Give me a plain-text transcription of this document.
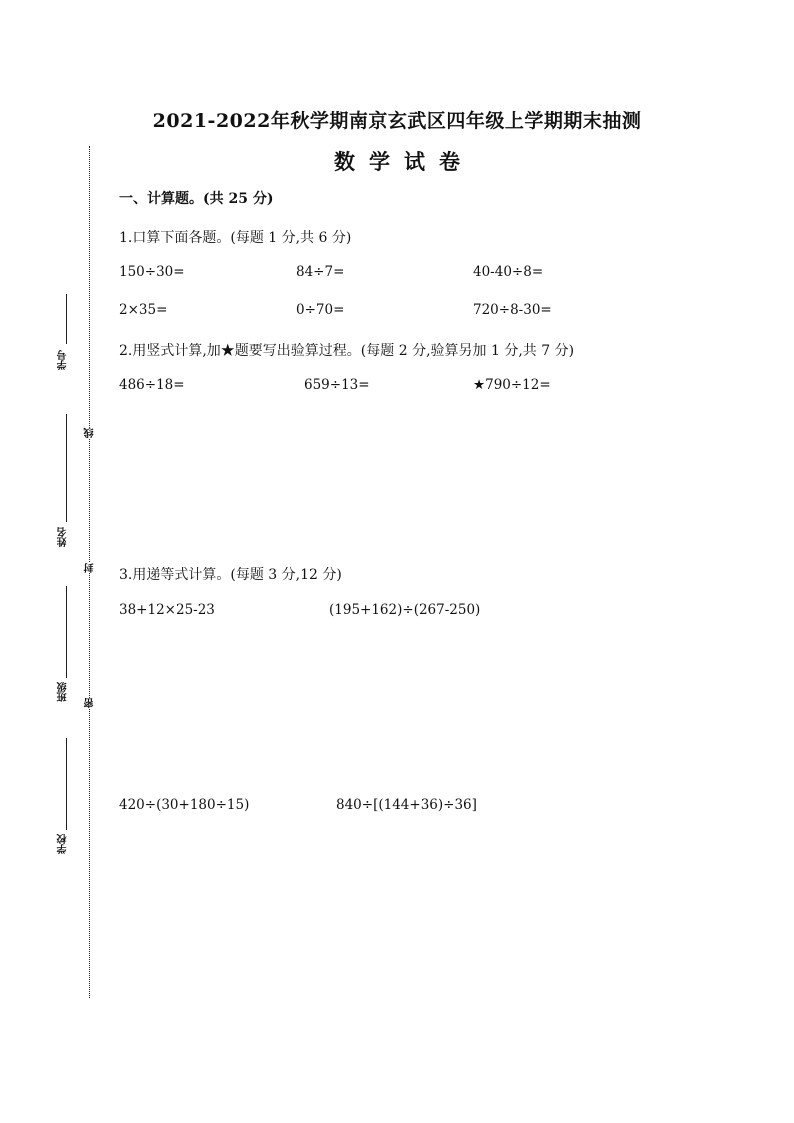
2021-2022年秋学期南京玄武区四年级上学期期末抽测
数学试卷
线
封
密
学号
姓名
班级
学校
一、计算题。(共 25 分)
1.口算下面各题。(每题 1 分,共 6 分)
150÷30=	84÷7=	40-40÷8=
2×35=	0÷70=	720÷8-30=
2.用竖式计算,加★题要写出验算过程。(每题 2 分,验算另加 1 分,共 7 分)
486÷18=	659÷13=	★790÷12=
3.用递等式计算。(每题 3 分,12 分)
38+12×25-23	(195+162)÷(267-250)
420÷(30+180÷15)	840÷[(144+36)÷36]
